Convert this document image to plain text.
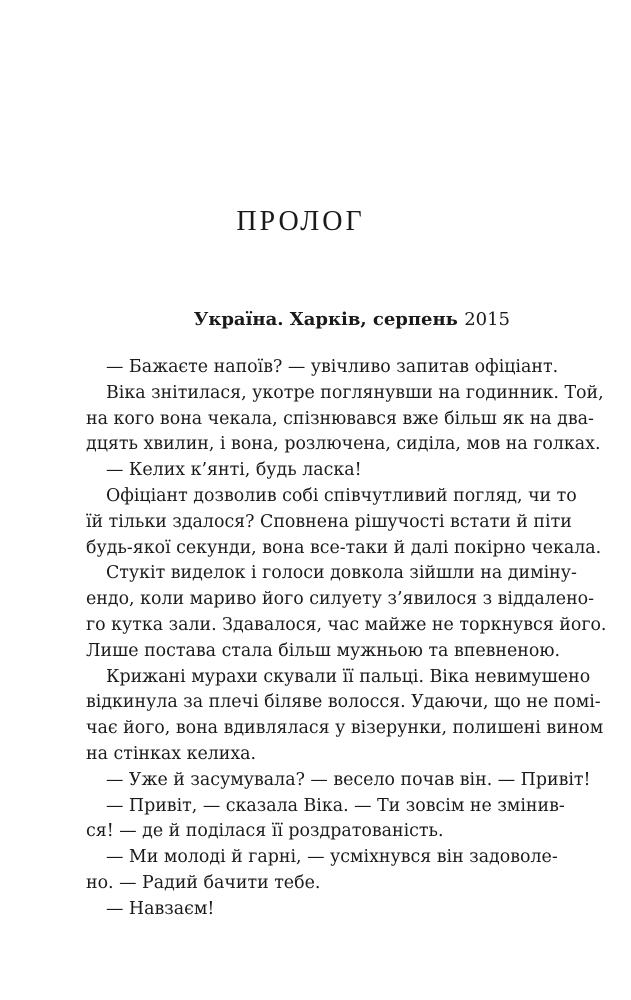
ПРОЛОГ

Україна. Харків, серпень 2015

— Бажаєте напоїв? — увічливо запитав офіціант.
Віка знітилася, укотре поглянувши на годинник. Той,
на кого вона чекала, спізнювався вже більш як на два-
дцять хвилин, і вона, розлючена, сиділа, мов на голках.
— Келих к’янті, будь ласка!
Офіціант дозволив собі співчутливий погляд, чи то
їй тільки здалося? Сповнена рішучості встати й піти
будь-якої секунди, вона все-таки й далі покірно чекала.
Стукіт виделок і голоси довкола зійшли на диміну-
ендо, коли мариво його силуету з’явилося з віддалено-
го кутка зали. Здавалося, час майже не торкнувся його.
Лише постава стала більш мужньою та впевненою.
Крижані мурахи скували її пальці. Віка невимушено
відкинула за плечі біляве волосся. Удаючи, що не помі-
чає його, вона вдивлялася у візерунки, полишені вином
на стінках келиха.
— Уже й засумувала? — весело почав він. — Привіт!
— Привіт, — сказала Віка. — Ти зовсім не змінив-
ся! — де й поділася її роздратованість.
— Ми молоді й гарні, — усміхнувся він задоволе-
но. — Радий бачити тебе.
— Навзаєм!
